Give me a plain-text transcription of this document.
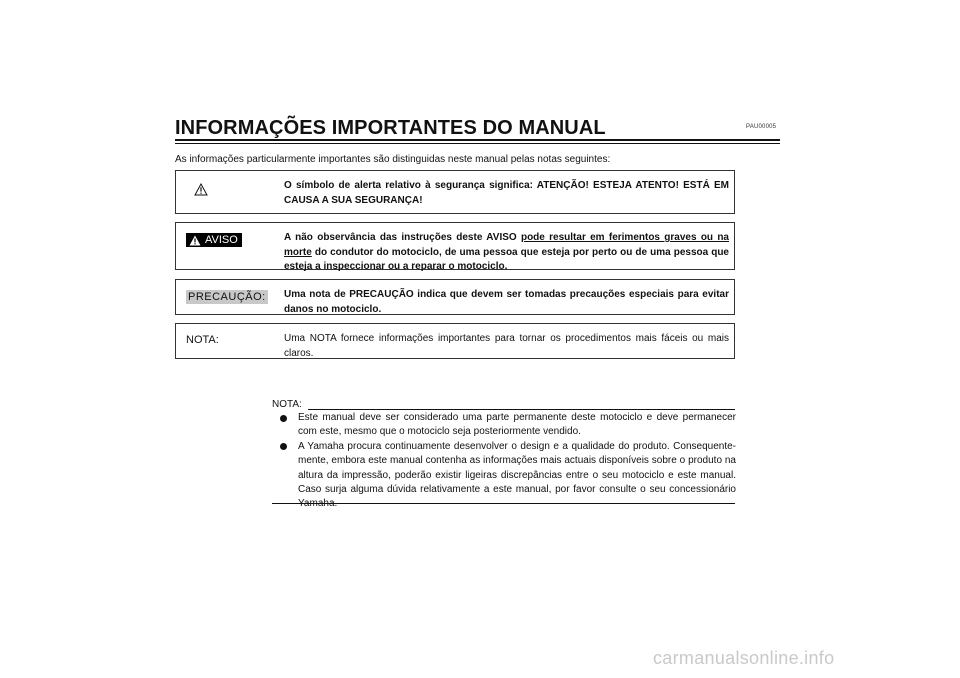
PAU00005
INFORMAÇÕES IMPORTANTES DO MANUAL
As informações particularmente importantes são distinguidas neste manual pelas notas seguintes:
O símbolo de alerta relativo à segurança significa: ATENÇÃO! ESTEJA ATENTO! ESTÁ EM CAUSA A SUA SEGURANÇA!
AVISO	A não observância das instruções deste AVISO pode resultar em ferimentos graves ou na morte do condutor do motociclo, de uma pessoa que esteja por perto ou de uma pessoa que esteja a inspeccionar ou a reparar o motociclo.
PRECAUÇÃO: Uma nota de PRECAUÇÃO indica que devem ser tomadas precauções especiais para evitar danos no motociclo.
NOTA:	Uma NOTA fornece informações importantes para tornar os procedimentos mais fáceis ou mais claros.
NOTA:
Este manual deve ser considerado uma parte permanente deste motociclo e deve permanecer com este, mesmo que o motociclo seja posteriormente vendido.
A Yamaha procura continuamente desenvolver o design e a qualidade do produto. Consequente-mente, embora este manual contenha as informações mais actuais disponíveis sobre o produto na altura da impressão, poderão existir ligeiras discrepâncias entre o seu motociclo e este manual. Caso surja alguma dúvida relativamente a este manual, por favor consulte o seu concessionário
carmanualsonline.info
